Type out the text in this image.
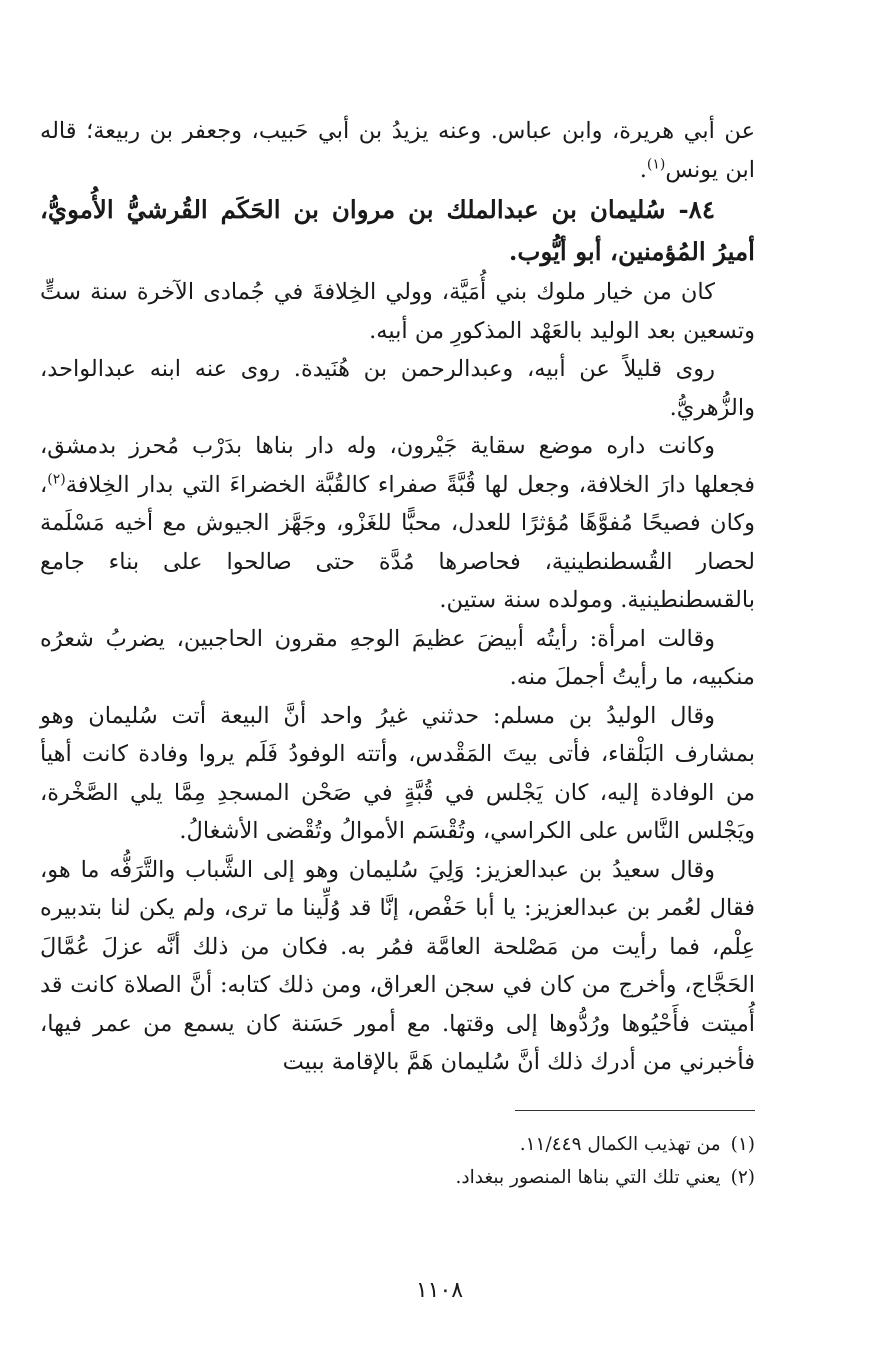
عن أبي هريرة، وابن عباس. وعنه يزيدُ بن أبي حَبيب، وجعفر بن ربيعة؛ قاله ابن يونس$^{(١)}$.

٨٤- سُليمان بن عبدالملك بن مروان بن الحَكَم القُرشيُّ الأُمويُّ، أميرُ المُؤمنين، أبو أيُّوب.

كان من خيار ملوك بني أُمَيَّة، وولي الخِلافةَ في جُمادى الآخرة سنة ستٍّ وتسعين بعد الوليد بالعَهْد المذكورِ من أبيه.

روى قليلاً عن أبيه، وعبدالرحمن بن هُنَيدة. روى عنه ابنه عبدالواحد، والزُّهريُّ.

وكانت داره موضع سقاية جَيْرون، وله دار بناها بدَرْب مُحرز بدمشق، فجعلها دارَ الخلافة، وجعل لها قُبَّةً صفراء كالقُبَّة الخضراءَ التي بدار الخِلافة$^{(٢)}$، وكان فصيحًا مُفوَّهًا مُؤثرًا للعدل، محبًّا للغَزْو، وجَهَّز الجيوش مع أخيه مَسْلَمة لحصار القُسطنطينية، فحاصرها مُدَّة حتى صالحوا على بناء جامع بالقسطنطينية. ومولده سنة ستين.

وقالت امرأة: رأيتُه أبيضَ عظيمَ الوجهِ مقرون الحاجبين، يضربُ شعرُه منكبيه، ما رأيتُ أجملَ منه.

وقال الوليدُ بن مسلم: حدثني غيرُ واحد أنَّ البيعة أتت سُليمان وهو بمشارف البَلْقاء، فأتى بيتَ المَقْدس، وأتته الوفودُ فَلَم يروا وفادة كانت أهيأ من الوفادة إليه، كان يَجْلس في قُبَّةٍ في صَحْن المسجدِ مِمَّا يلي الصَّخْرة، ويَجْلس النَّاس على الكراسي، وتُقْسَم الأموالُ وتُقْضى الأشغالُ.

وقال سعيدُ بن عبدالعزيز: وَلِيَ سُليمان وهو إلى الشَّباب والتَّرَفُّه ما هو، فقال لعُمر بن عبدالعزيز: يا أبا حَفْص، إنَّا قد وُلِّينا ما ترى، ولم يكن لنا بتدبيره عِلْم، فما رأيت من مَصْلحة العامَّة فمُر به. فكان من ذلك أنَّه عزلَ عُمَّالَ الحَجَّاج، وأخرج من كان في سجن العراق، ومن ذلك كتابه: أنَّ الصلاة كانت قد أُميتت فأَحْيُوها ورُدُّوها إلى وقتها. مع أمور حَسَنة كان يسمع من عمر فيها، فأخبرني من أدرك ذلك أنَّ سُليمان هَمَّ بالإقامة ببيت

(١)من تهذيب الكمال ١١/٤٤٩.

(٢)يعني تلك التي بناها المنصور ببغداد.

١١٠٨
